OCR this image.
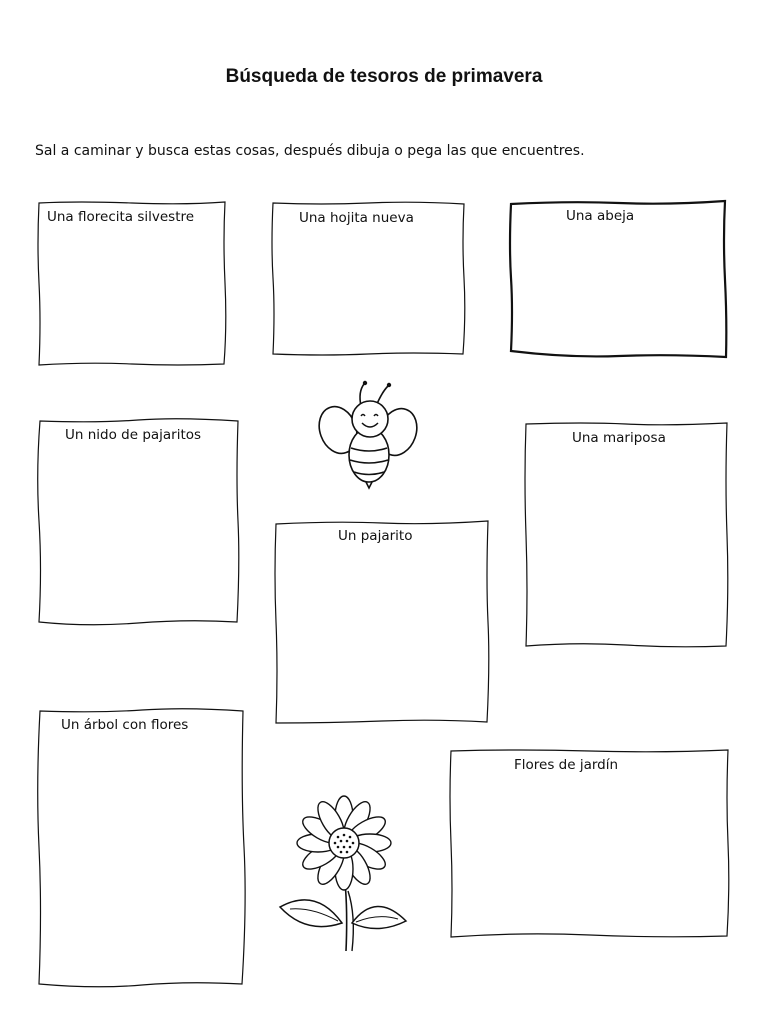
Búsqueda de tesoros de primavera
Sal a caminar y busca estas cosas, después dibuja o pega las que encuentres.
Una florecita silvestre	Una hojita nueva	Una abeja
Un nido de pajaritos	Una mariposa
Un pajarito
Un árbol con flores
Flores de jardín
